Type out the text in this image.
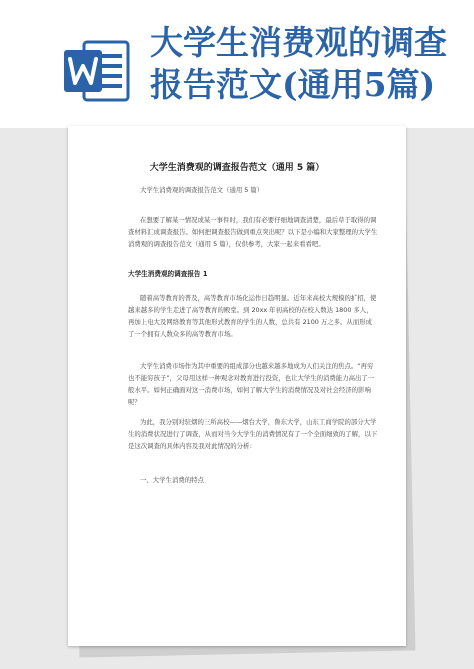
大学生消费观的调查报告范文(通用5篇)
大学生消费观的调查报告范文（通用 5 篇）

大学生消费观的调查报告范文（通用 5 篇）

在想要了解某一情况或某一事件时，我们有必要仔细地调查清楚，最后草于取得的调查材料汇成调查报告。如何把调查报告做到重点突出呢？以下是小编和大家整理的大学生消费观的调查报告范文（通用 5 篇），仅供参考，大家一起来看看吧。

大学生消费观的调查报告 1

随着高等教育的普及，高等教育市场化运作日趋明显。近年来高校大规模的扩招，使越来越多的学生走进了高等教育的殿堂。到 20xx 年初高校的在校人数达 1800 多人，再加上电大及网络教育等其他形式教育的学生的人数，总共有 2100 万之多。从而形成了一个拥有人数众多的高等教育市场。

大学生消费市场作为其中重要的组成部分也越来越多地成为人们关注的焦点。“再穷也不能穷孩子”，父母用这样一种观念对教育进行投资，也让大学生的消费能力高出了一般水平。如何正确面对这一消费市场，如何了解大学生的消费情况及对社会经济的影响呢？

为此，我分别对驻烟的三所高校——烟台大学，鲁东大学，山东工商学院的部分大学生的消费状况进行了调查，从而对当今大学生的消费情况有了一个全面细致的了解，以下是这次调查的具体内容及我对此情况的分析：

一、大学生消费的特点
